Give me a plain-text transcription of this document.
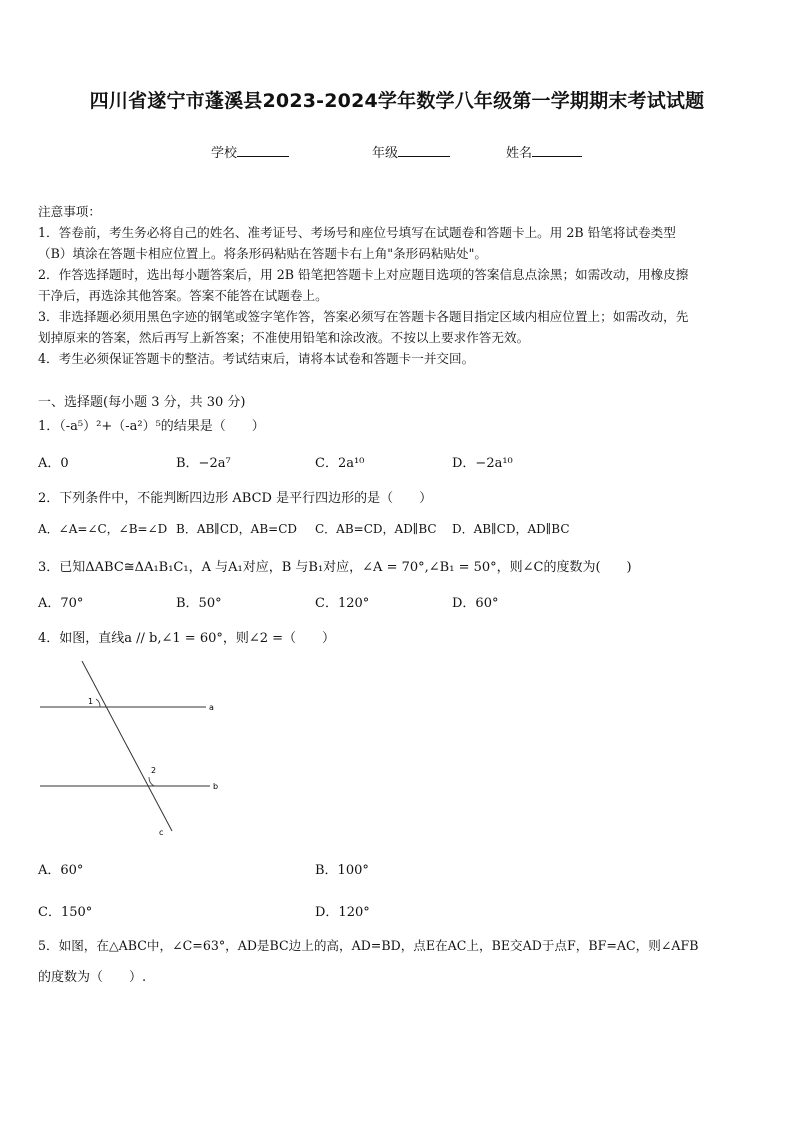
四川省遂宁市蓬溪县2023-2024学年数学八年级第一学期期末考试试题
学校	年级	姓名
注意事项：
1．答卷前，考生务必将自己的姓名、准考证号、考场号和座位号填写在试题卷和答题卡上。用 2B 铅笔将试卷类型
（B）填涂在答题卡相应位置上。将条形码粘贴在答题卡右上角"条形码粘贴处"。
2．作答选择题时，选出每小题答案后，用 2B 铅笔把答题卡上对应题目选项的答案信息点涂黑；如需改动，用橡皮擦
干净后，再选涂其他答案。答案不能答在试题卷上。
3．非选择题必须用黑色字迹的钢笔或签字笔作答，答案必须写在答题卡各题目指定区域内相应位置上；如需改动，先
划掉原来的答案，然后再写上新答案；不准使用铅笔和涂改液。不按以上要求作答无效。
4．考生必须保证答题卡的整洁。考试结束后，请将本试卷和答题卡一并交回。
一、选择题(每小题 3 分，共 30 分)
1．（-a⁵）²+（-a²）⁵的结果是（　　）
A．0	B．−2a⁷	C．2a¹⁰	D．−2a¹⁰
2．下列条件中，不能判断四边形 ABCD 是平行四边形的是（　　）
A．∠A=∠C，∠B=∠D B．AB∥CD，AB=CD C．AB=CD，AD∥BC D．AB∥CD，AD∥BC
3．已知ΔABC≅ΔA₁B₁C₁，A 与A₁对应，B 与B₁对应，∠A = 70°,∠B₁ = 50°，则∠C的度数为(　　)
A．70°	B．50°	C．120°	D．60°
4．如图，直线a // b,∠1 = 60°，则∠2 =（　　）
1
2
a
b
c
A．60°	B．100°
C．150°	D．120°
5．如图，在△ABC中，∠C=63°，AD是BC边上的高，AD=BD，点E在AC上，BE交AD于点F，BF=AC，则∠AFB
的度数为（　　）.
